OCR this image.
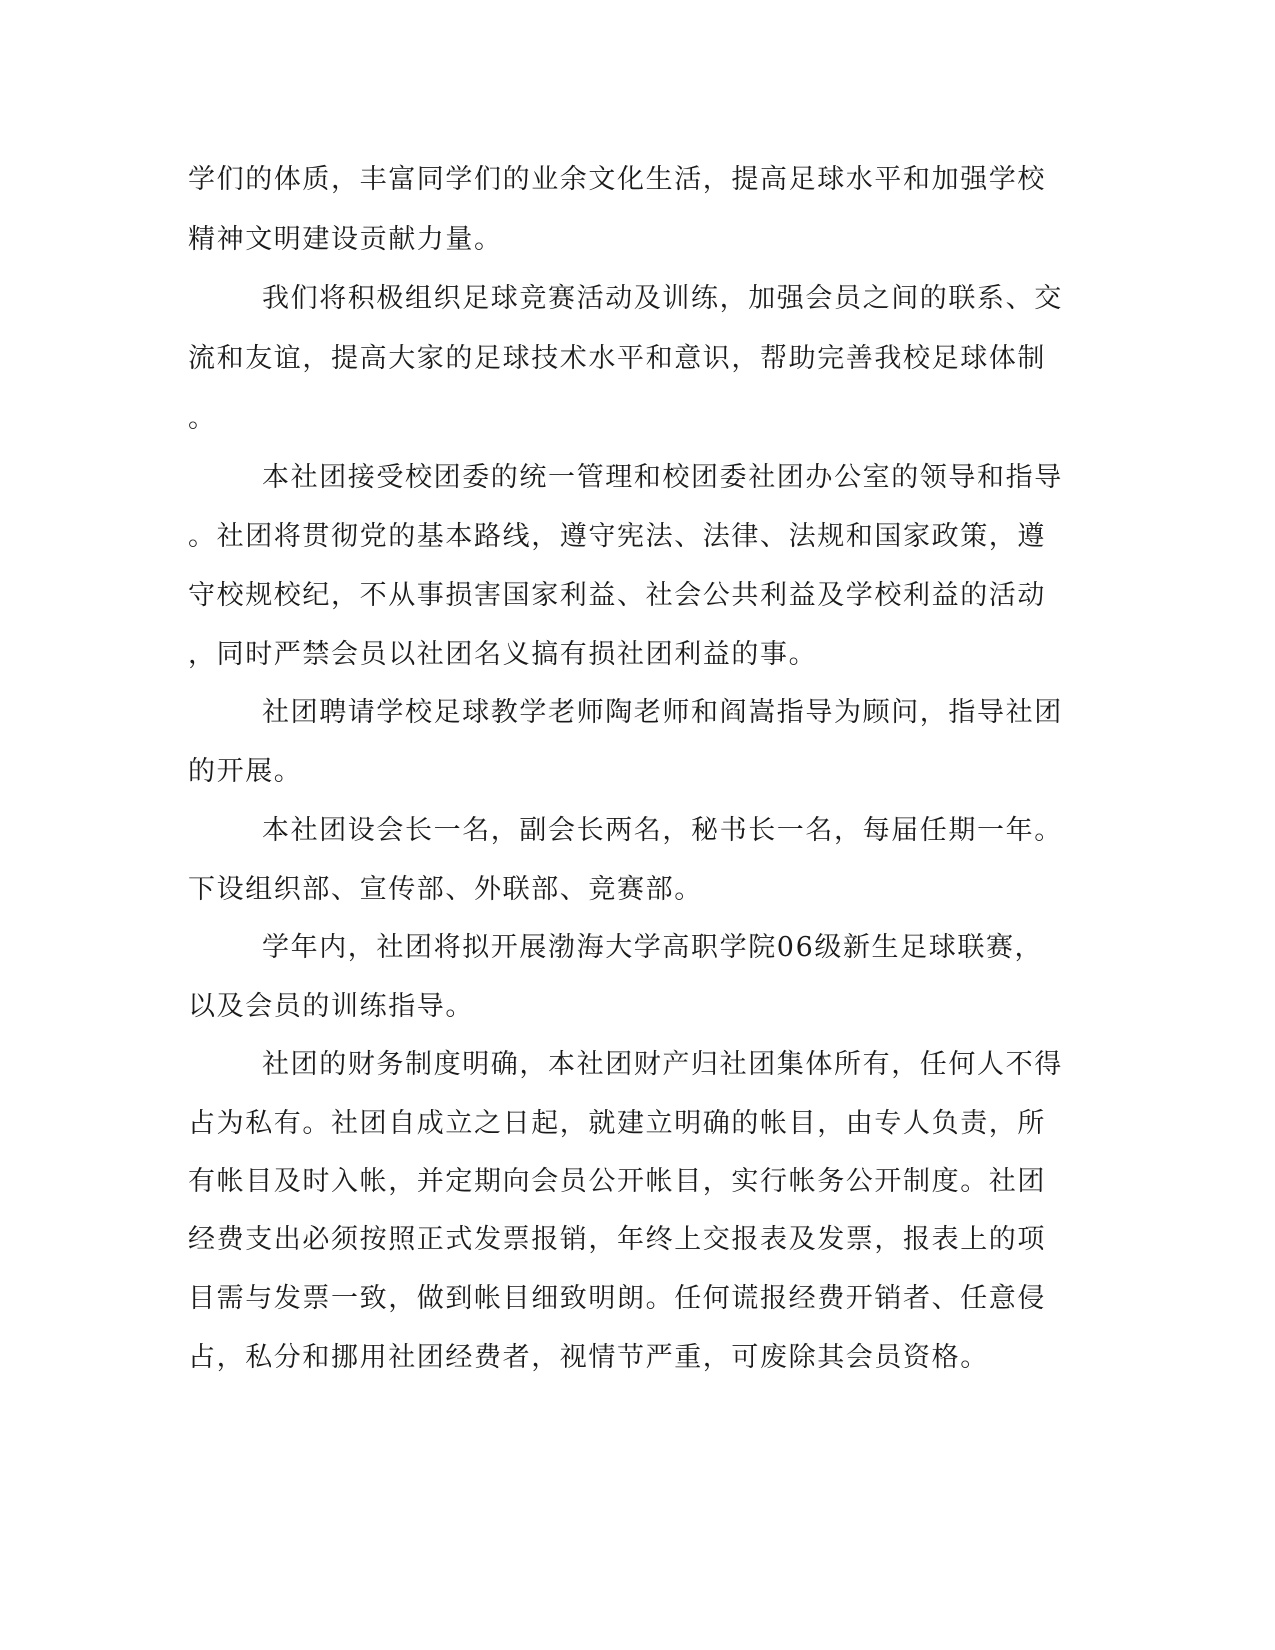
学们的体质，丰富同学们的业余文化生活，提高足球水平和加强学校
精神文明建设贡献力量。
我们将积极组织足球竞赛活动及训练，加强会员之间的联系、交
流和友谊，提高大家的足球技术水平和意识，帮助完善我校足球体制
。
本社团接受校团委的统一管理和校团委社团办公室的领导和指导
。社团将贯彻党的基本路线，遵守宪法、法律、法规和国家政策，遵
守校规校纪，不从事损害国家利益、社会公共利益及学校利益的活动
，同时严禁会员以社团名义搞有损社团利益的事。
社团聘请学校足球教学老师陶老师和阎嵩指导为顾问，指导社团
的开展。
本社团设会长一名，副会长两名，秘书长一名，每届任期一年。
下设组织部、宣传部、外联部、竞赛部。
学年内，社团将拟开展渤海大学高职学院06级新生足球联赛，
以及会员的训练指导。
社团的财务制度明确，本社团财产归社团集体所有，任何人不得
占为私有。社团自成立之日起，就建立明确的帐目，由专人负责，所
有帐目及时入帐，并定期向会员公开帐目，实行帐务公开制度。社团
经费支出必须按照正式发票报销，年终上交报表及发票，报表上的项
目需与发票一致，做到帐目细致明朗。任何谎报经费开销者、任意侵
占，私分和挪用社团经费者，视情节严重，可废除其会员资格。
